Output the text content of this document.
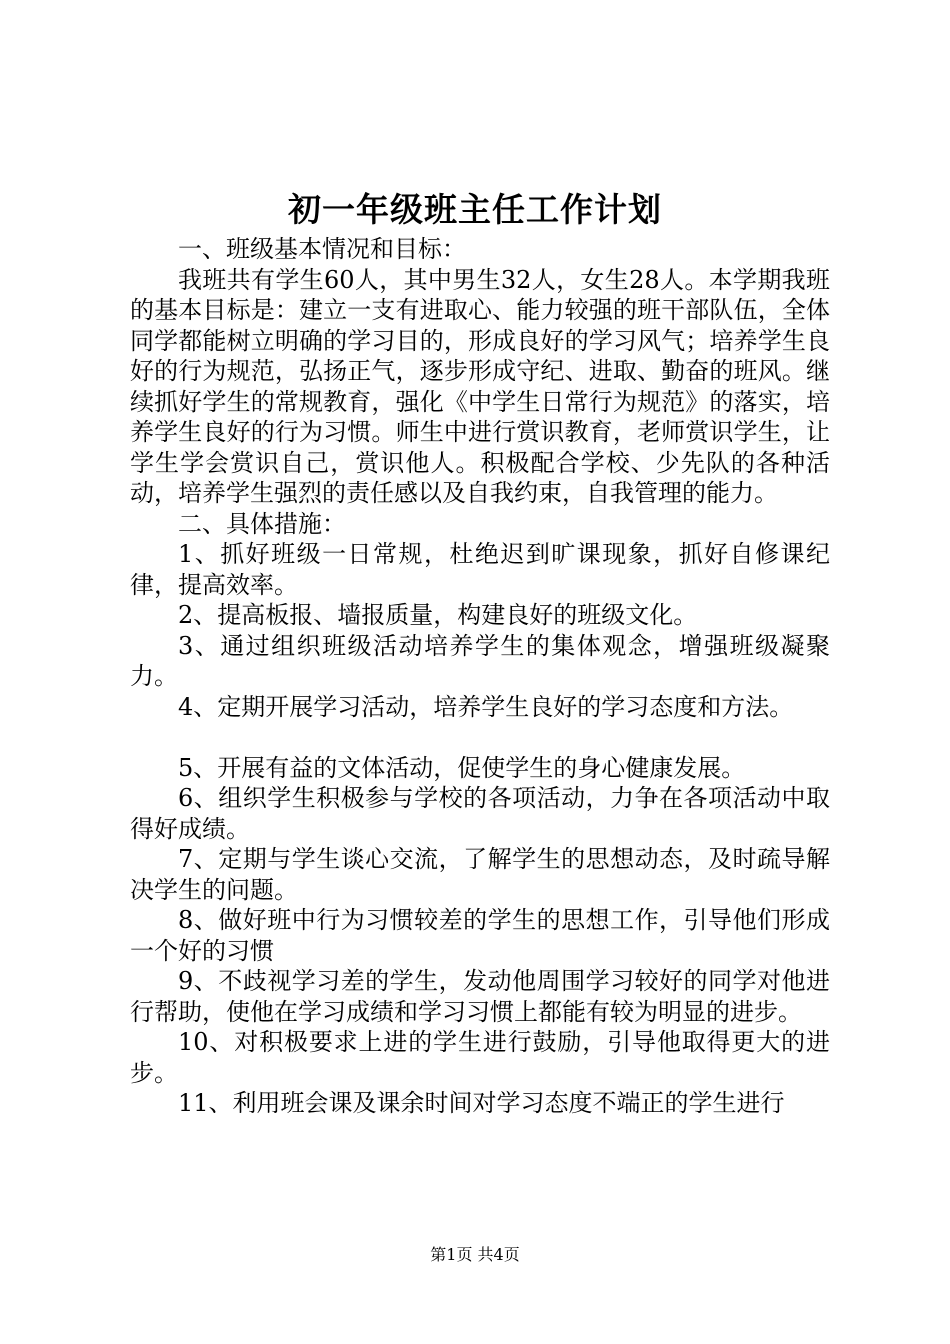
初一年级班主任工作计划

一、班级基本情况和目标：

我班共有学生60人，其中男生32人，女生28人。本学期我班的基本目标是：建立一支有进取心、能力较强的班干部队伍，全体同学都能树立明确的学习目的，形成良好的学习风气；培养学生良好的行为规范，弘扬正气，逐步形成守纪、进取、勤奋的班风。继续抓好学生的常规教育，强化《中学生日常行为规范》的落实，培养学生良好的行为习惯。师生中进行赏识教育，老师赏识学生，让学生学会赏识自己，赏识他人。积极配合学校、少先队的各种活动，培养学生强烈的责任感以及自我约束，自我管理的能力。

二、具体措施：

1、抓好班级一日常规，杜绝迟到旷课现象，抓好自修课纪律，提高效率。

2、提高板报、墙报质量，构建良好的班级文化。

3、通过组织班级活动培养学生的集体观念，增强班级凝聚力。

4、定期开展学习活动，培养学生良好的学习态度和方法。

5、开展有益的文体活动，促使学生的身心健康发展。

6、组织学生积极参与学校的各项活动，力争在各项活动中取得好成绩。

7、定期与学生谈心交流，了解学生的思想动态，及时疏导解决学生的问题。

8、做好班中行为习惯较差的学生的思想工作，引导他们形成一个好的习惯

9、不歧视学习差的学生，发动他周围学习较好的同学对他进行帮助，使他在学习成绩和学习习惯上都能有较为明显的进步。

10、对积极要求上进的学生进行鼓励，引导他取得更大的进步。

11、利用班会课及课余时间对学习态度不端正的学生进行

第1页 共4页
